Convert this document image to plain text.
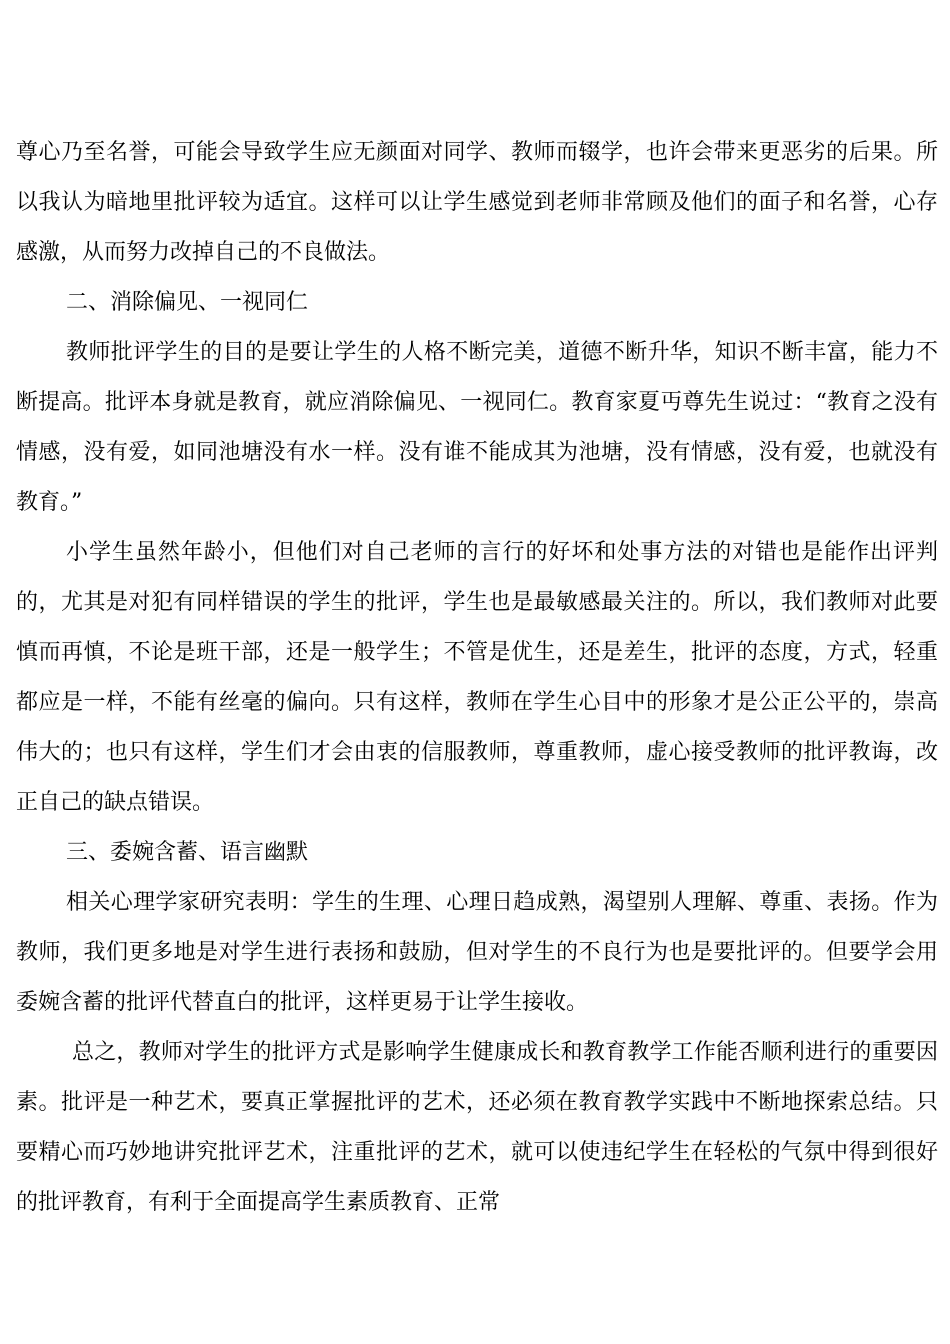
尊心乃至名誉，可能会导致学生应无颜面对同学、教师而辍学，也许会带来更恶劣的后果。所以我认为暗地里批评较为适宜。这样可以让学生感觉到老师非常顾及他们的面子和名誉，心存感激，从而努力改掉自己的不良做法。

二、消除偏见、一视同仁

教师批评学生的目的是要让学生的人格不断完美，道德不断升华，知识不断丰富，能力不断提高。批评本身就是教育，就应消除偏见、一视同仁。教育家夏丏尊先生说过：“教育之没有情感，没有爱，如同池塘没有水一样。没有谁不能成其为池塘，没有情感，没有爱，也就没有教育。”

小学生虽然年龄小，但他们对自己老师的言行的好坏和处事方法的对错也是能作出评判的，尤其是对犯有同样错误的学生的批评，学生也是最敏感最关注的。所以，我们教师对此要慎而再慎，不论是班干部，还是一般学生；不管是优生，还是差生，批评的态度，方式，轻重都应是一样，不能有丝毫的偏向。只有这样，教师在学生心目中的形象才是公正公平的，崇高伟大的；也只有这样，学生们才会由衷的信服教师，尊重教师，虚心接受教师的批评教诲，改正自己的缺点错误。

三、委婉含蓄、语言幽默

相关心理学家研究表明：学生的生理、心理日趋成熟，渴望别人理解、尊重、表扬。作为教师，我们更多地是对学生进行表扬和鼓励，但对学生的不良行为也是要批评的。但要学会用委婉含蓄的批评代替直白的批评，这样更易于让学生接收。

总之，教师对学生的批评方式是影响学生健康成长和教育教学工作能否顺利进行的重要因素。批评是一种艺术，要真正掌握批评的艺术，还必须在教育教学实践中不断地探索总结。只要精心而巧妙地讲究批评艺术，注重批评的艺术，就可以使违纪学生在轻松的气氛中得到很好的批评教育，有利于全面提高学生素质教育、正常
